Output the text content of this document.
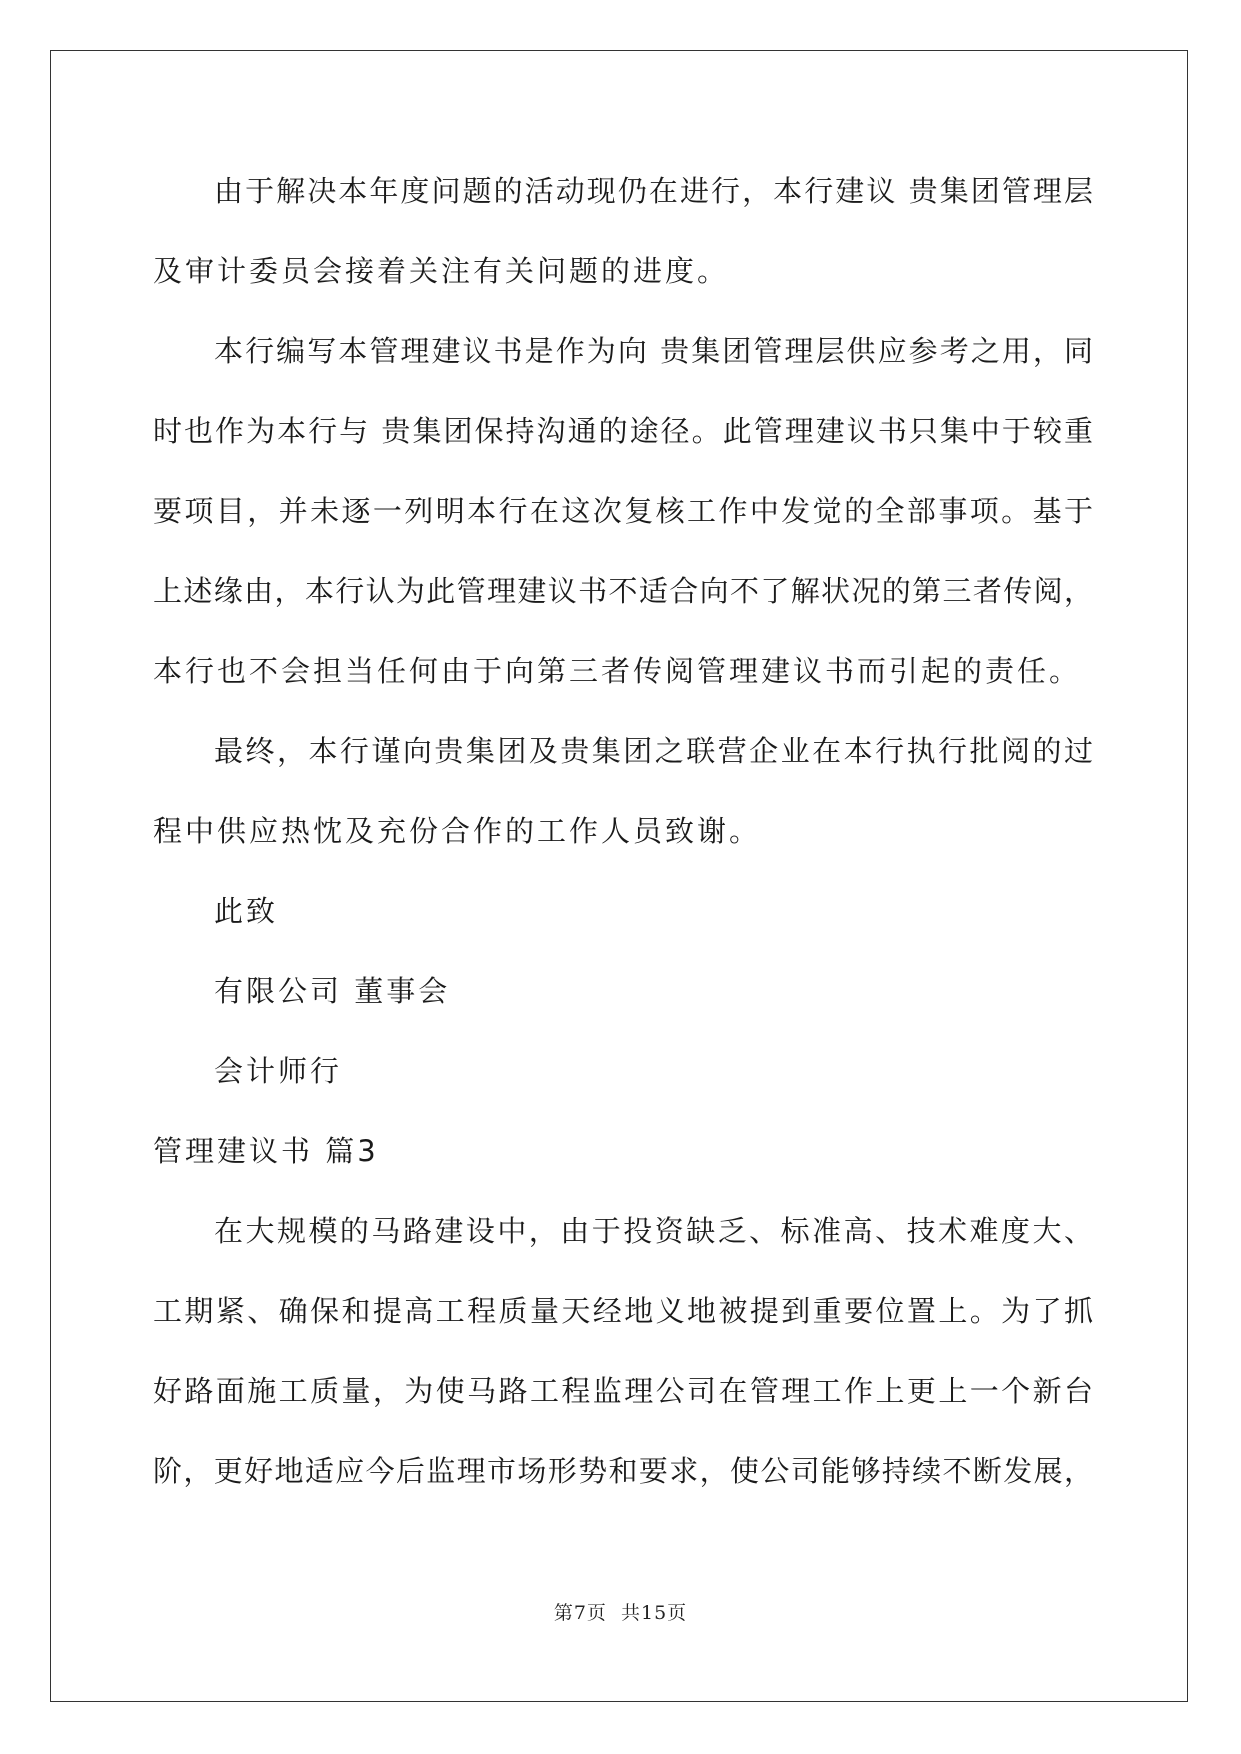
由于解决本年度问题的活动现仍在进行，本行建议 贵集团管理层
及审计委员会接着关注有关问题的进度。
本行编写本管理建议书是作为向 贵集团管理层供应参考之用，同
时也作为本行与 贵集团保持沟通的途径。此管理建议书只集中于较重
要项目，并未逐一列明本行在这次复核工作中发觉的全部事项。基于
上述缘由，本行认为此管理建议书不适合向不了解状况的第三者传阅，
本行也不会担当任何由于向第三者传阅管理建议书而引起的责任。
最终，本行谨向贵集团及贵集团之联营企业在本行执行批阅的过
程中供应热忱及充份合作的工作人员致谢。
此致
有限公司 董事会
会计师行
管理建议书 篇3
在大规模的马路建设中，由于投资缺乏、标准高、技术难度大、
工期紧、确保和提高工程质量天经地义地被提到重要位置上。为了抓
好路面施工质量，为使马路工程监理公司在管理工作上更上一个新台
阶，更好地适应今后监理市场形势和要求，使公司能够持续不断发展，
第7页  共15页
